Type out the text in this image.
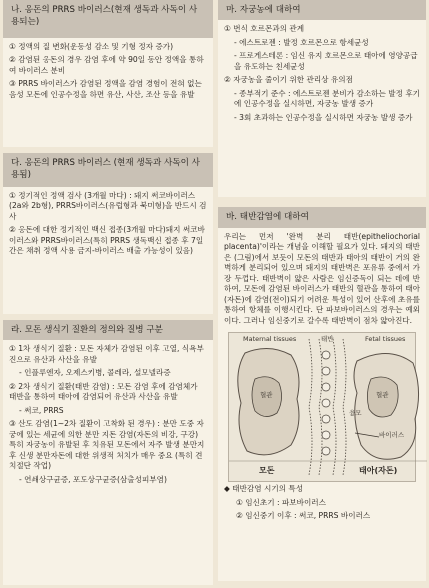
나. 옹돈의 PRRS 바이러스(현재 생독과 사독이 사용되는)

① 정액의 질 변화(운동성 감소 및 기형 정자 증가)

② 감염된 옹돈의 경우 감염 후에 약 90일 동안 정액을 통하여 바이러스 분비

③ PRRS 바이러스가 감염된 정액을 감염 경험이 전혀 없는 음성 모돈에 인공수정을 하면 유산, 사산, 조산 등을 유발

다. 옹돈의 PRRS 바이러스 (현재 생독과 사독이 사용됨)

① 정기적인 정액 검사 (3개월 마다) : 돼지 써코바이러스(2a와 2b형), PRRS바이러스(유럽형과 북미형)을 반드시 검사

② 옹돈에 대한 정기적인 백신 접종(3개월 마다)돼지 써코바이러스와 PRRS바이러스(특히 PRRS 생독백신 접종 후 7일간은 채취 정액 사용 금지-바이러스 배출 가능성이 있음)

라. 모돈 생식기 질환의 정의와 질병 구분

① 1차 생식기 질환 : 모돈 자체가 감염된 이후 고열, 식욕부진으로 유산과 사산을 유발

- 인플루엔자, 오제스키병, 콜레라, 설모넬라증

② 2차 생식기 질환(태반 감염) : 모돈 감염 후에 감염체가 태반을 통하여 태아에 감염되어 유산과 사산을 유발

- 써코, PRRS

③ 산도 감염(1~2차 질환이 고착화 된 경우) : 분만 도중 자궁에 있는 세균에 의한 분만 지돈 감염(자돈의 비강, 구강) 특히 자궁농이 유발된 후 치유된 모돈에서 자주 발생 분만지후 신생 분만자돈에 대한 위생적 처치가 매우 중요 (특히 견치절단 작업)

- 연쇄상구균증, 포도상구균증(삼출성피부염)

마. 자궁농에 대하여

① 번식 호르몬과의 관계

- 에스트로젠 : 발정 호르몬으로 항세균성

- 프로게스테론 : 임신 유지 호르몬으로 태아에 영양공급을 유도하는 친세균성

② 자궁농을 줄이기 위한 관리상 유의점

- 종부적기 준수 : 에스트로젠 분비가 감소하는 발정 후기에 인공수정을 실시하면, 자궁농 발생 증가

- 3회 초과하는 인공수정을 실시하면 자궁농 발생 증가

바. 태반감염에 대하여

우리는 먼저 '완벽 분리 태반(epitheliochorial placenta)'이라는 개념을 이해할 필요가 있다. 돼지의 태반은 (그림)에서 보듯이 모돈의 태반과 태아의 태반이 거의 완벽하게 분리되어 있으며 돼지의 태반벽은 포유류 중에서 가장 두껍다. 태반벽이 얇은 사람은 임신증독이 되는 데에 반하여, 모돈에 감염된 바이러스가 태반의 혈관을 통하여 태아(자돈)에 감염(전이)되기 어려운 특성이 있어 산후에 초유를 통하여 항체를 이행시킨다. 단 파보바이러스의 경우는 예외이다. 그러나 임신중기로 갈수록 태반벽이 점차 얇아진다.

Maternal tissues	태반	Fetal tissues
혈관	혈관
융모
바이러스
모돈	태아(자돈)

◆ 태반감염 시기의 특성

① 임신초기 : 파보바이러스

② 임신중기 이후 : 써코, PRRS 바이러스
